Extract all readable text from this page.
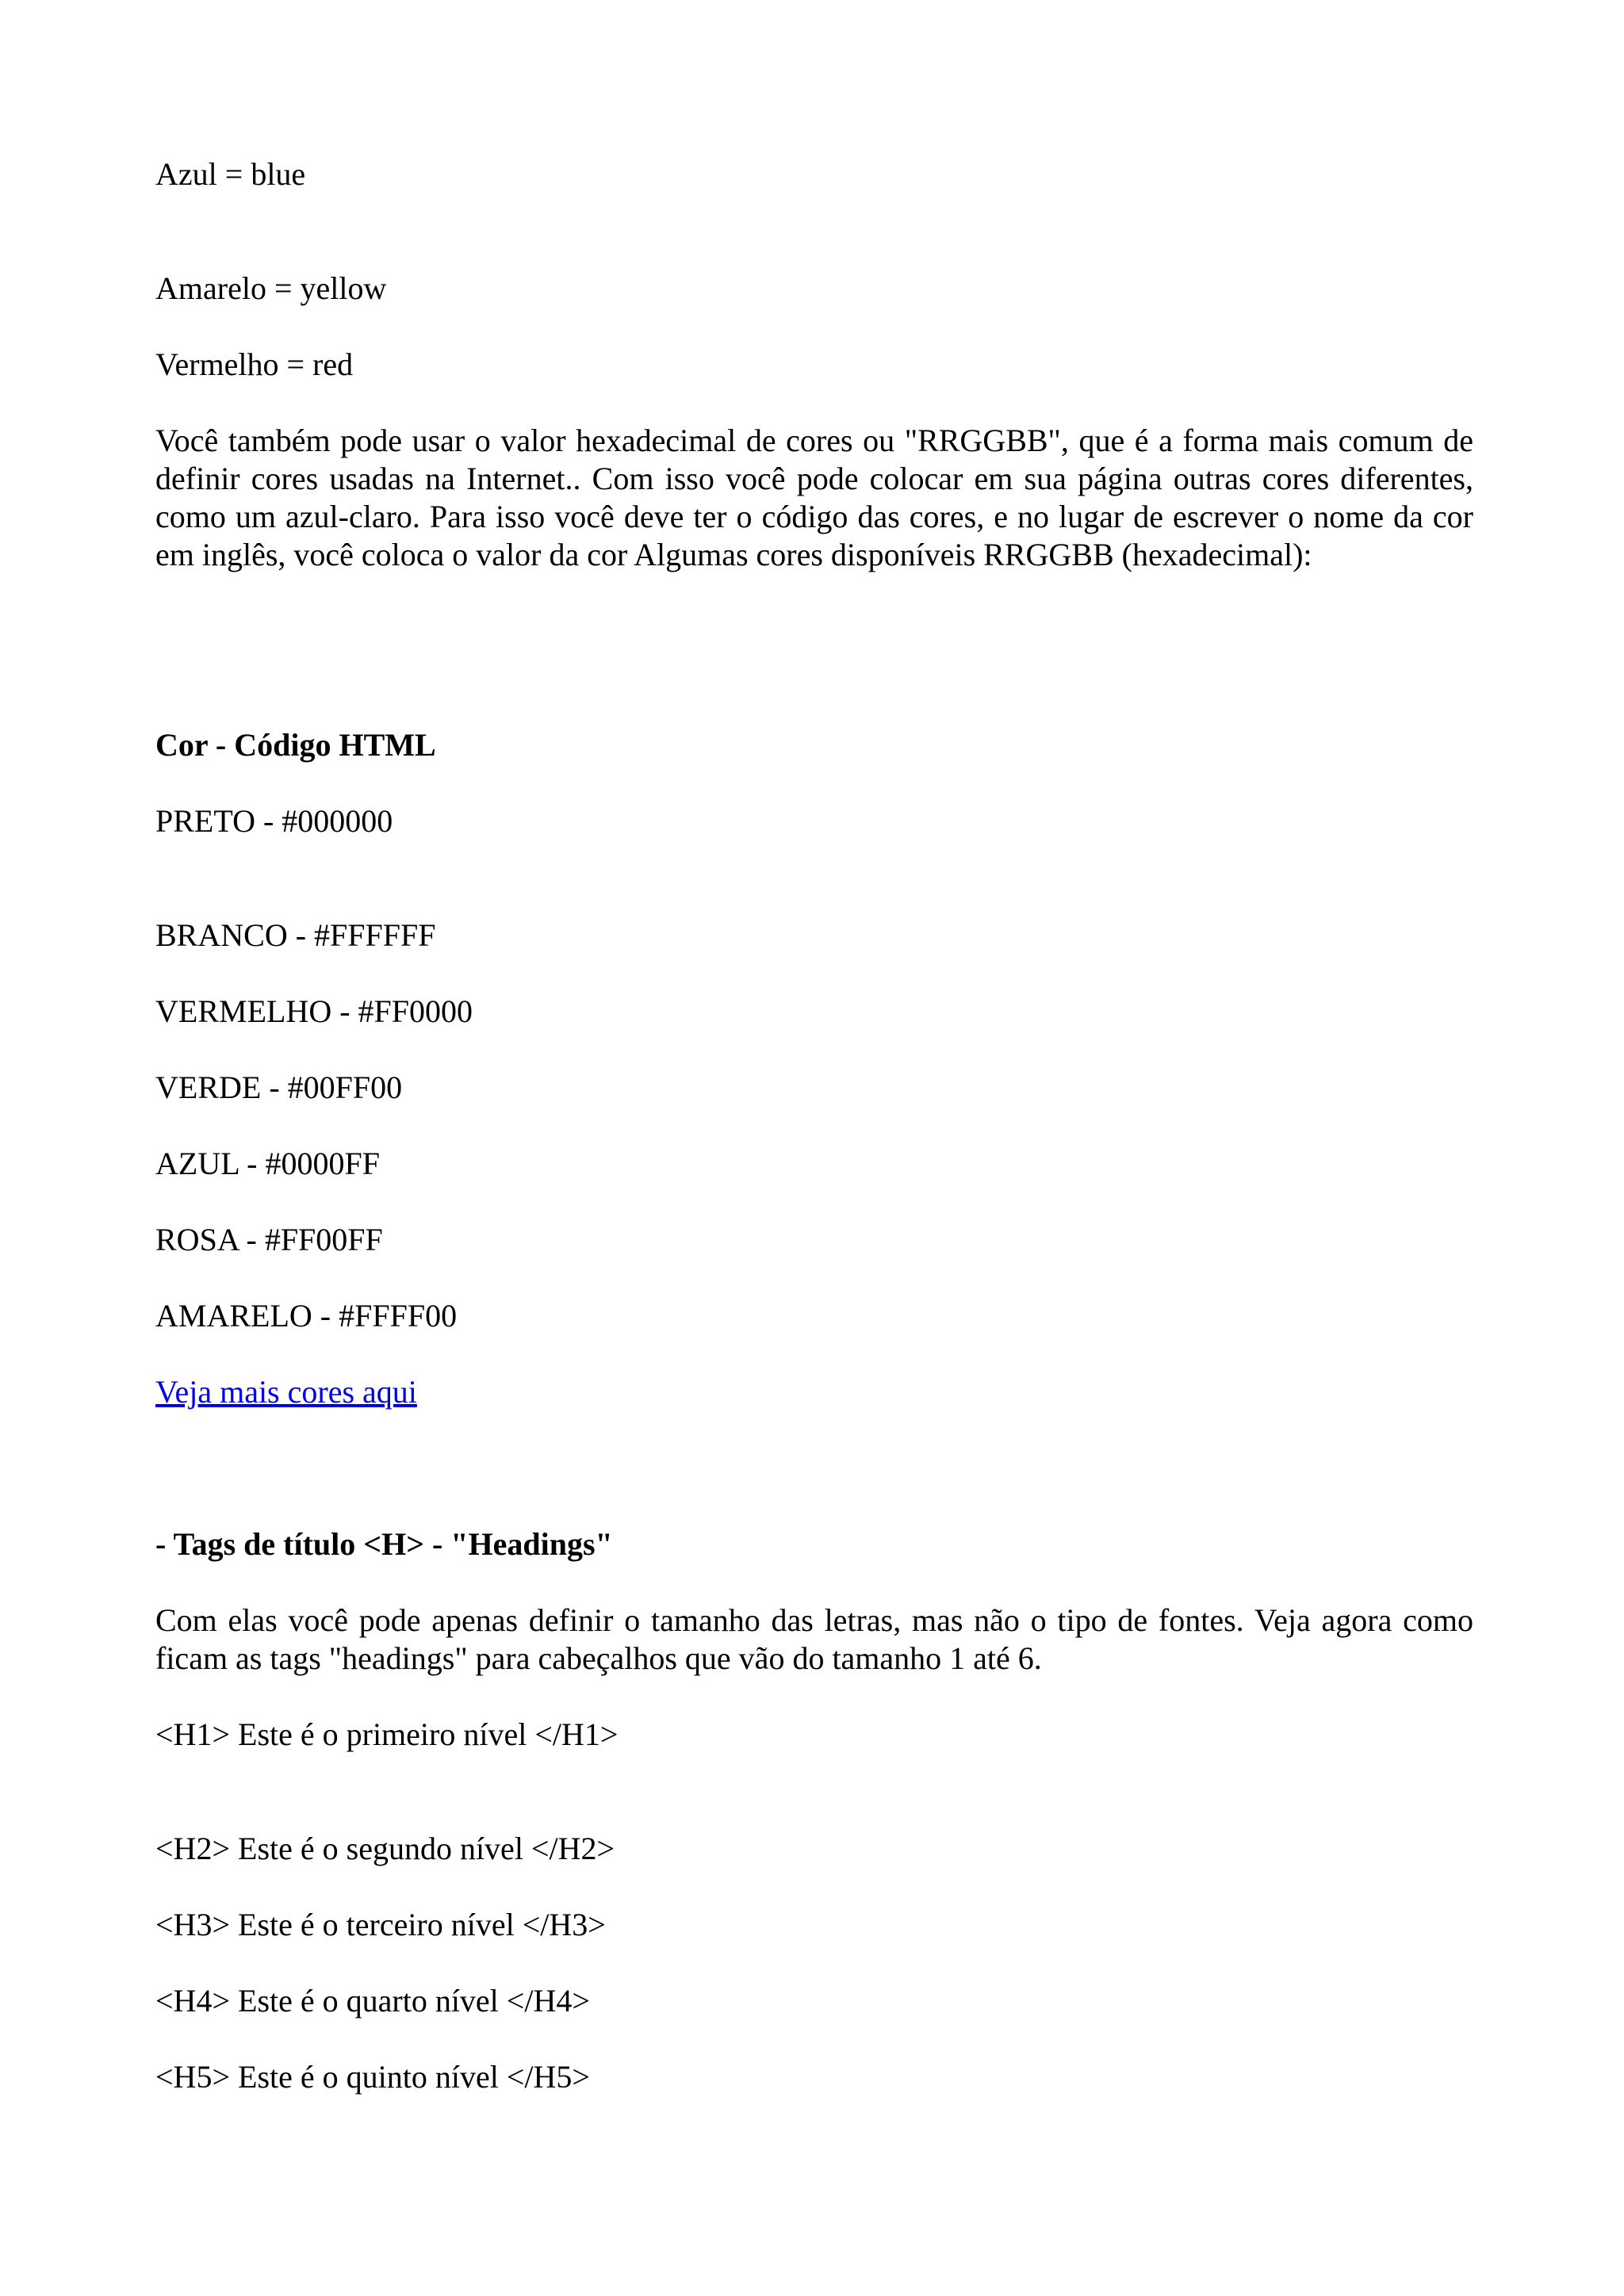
Azul = blue

Amarelo = yellow

Vermelho = red

Você também pode usar o valor hexadecimal de cores ou "RRGGBB", que é a forma mais comum de definir cores usadas na Internet.. Com isso você pode colocar em sua página outras cores diferentes, como um azul-claro. Para isso você deve ter o código das cores, e no lugar de escrever o nome da cor em inglês, você coloca o valor da cor Algumas cores disponíveis RRGGBB (hexadecimal):

Cor - Código HTML

PRETO - #000000

BRANCO - #FFFFFF

VERMELHO - #FF0000

VERDE - #00FF00

AZUL - #0000FF

ROSA - #FF00FF

AMARELO - #FFFF00

Veja mais cores aqui

- Tags de título <H> - "Headings"

Com elas você pode apenas definir o tamanho das letras, mas não o tipo de fontes. Veja agora como ficam as tags "headings" para cabeçalhos que vão do tamanho 1 até 6.

<H1> Este é o primeiro nível </H1>

<H2> Este é o segundo nível </H2>

<H3> Este é o terceiro nível </H3>

<H4> Este é o quarto nível </H4>

<H5> Este é o quinto nível </H5>
